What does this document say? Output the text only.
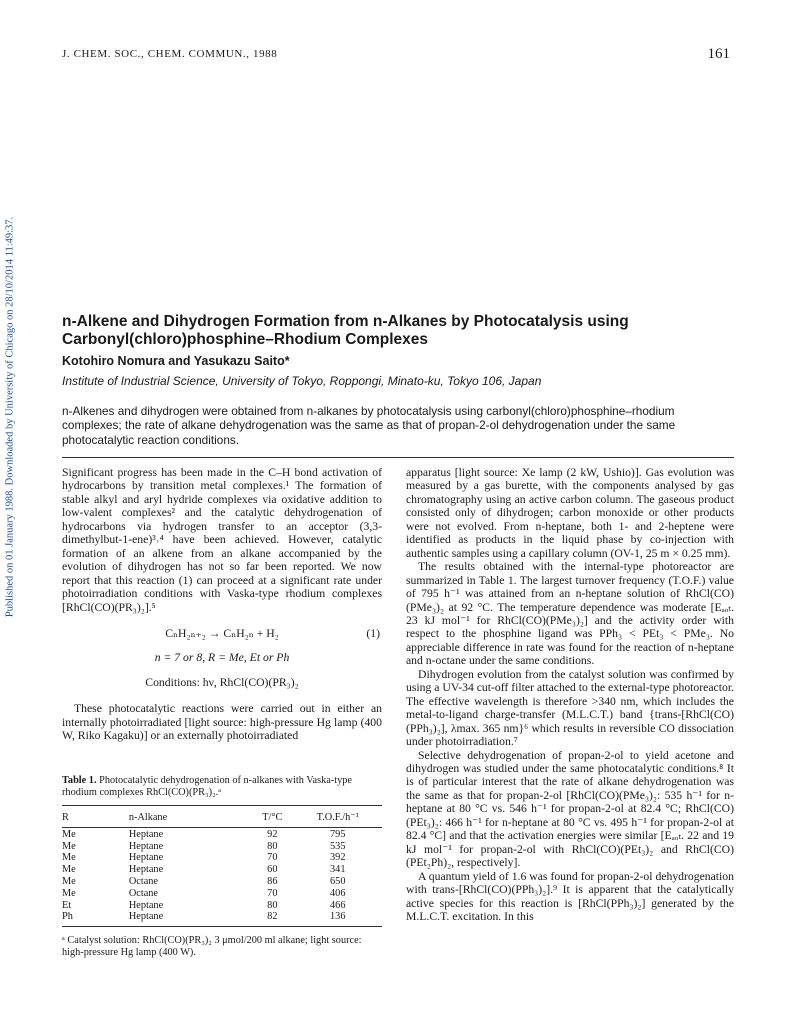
J. CHEM. SOC., CHEM. COMMUN., 1988	161
Published on 01 January 1988. Downloaded by University of Chicago on 28/10/2014 11:49:37.	n-Alkene and Dihydrogen Formation from n-Alkanes by Photocatalysis using Carbonyl(chloro)phosphine–Rhodium Complexes
Kotohiro Nomura and Yasukazu Saito*
Institute of Industrial Science, University of Tokyo, Roppongi, Minato-ku, Tokyo 106, Japan
n-Alkenes and dihydrogen were obtained from n-alkanes by photocatalysis using carbonyl(chloro)phosphine–rhodium complexes; the rate of alkane dehydrogenation was the same as that of propan-2-ol dehydrogenation under the same photocatalytic reaction conditions.

Significant progress has been made in the C–H bond activation of hydrocarbons by transition metal complexes.¹ The formation of stable alkyl and aryl hydride complexes via oxidative addition to low-valent complexes² and the catalytic dehydrogenation of hydrocarbons via hydrogen transfer to an acceptor (3,3-dimethylbut-1-ene)³˒⁴ have been achieved. However, catalytic formation of an alkene from an alkane accompanied by the evolution of dihydrogen has not so far been reported. We now report that this reaction (1) can proceed at a significant rate under photoirradiation conditions with Vaska-type rhodium complexes [RhCl(CO)(PR₃)₂].⁵

CₙH₂ₙ₊₂ → CₙH₂ₙ + H₂	(1)
n = 7 or 8, R = Me, Et or Ph
Conditions: hν, RhCl(CO)(PR₃)₂

These photocatalytic reactions were carried out in either an internally photoirradiated [light source: high-pressure Hg lamp (400 W, Riko Kagaku)] or an externally photoirradiated

Table 1. Photocatalytic dehydrogenation of n-alkanes with Vaska-type rhodium complexes RhCl(CO)(PR₃)₂.ᵃ
R	n-Alkane	T/°C	T.O.F./h⁻¹

Me	Heptane	92	795
Me	Heptane	80	535
Me	Heptane	70	392
Me	Heptane	60	341
Me	Octane	86	650
Me	Octane	70	406
Et	Heptane	80	466
Ph	Heptane	82	136
ᵃ Catalyst solution: RhCl(CO)(PR₃)₂ 3 μmol/200 ml alkane; light source: high-pressure Hg lamp (400 W).

apparatus [light source: Xe lamp (2 kW, Ushio)]. Gas evolution was measured by a gas burette, with the components analysed by gas chromatography using an active carbon column. The gaseous product consisted only of dihydrogen; carbon monoxide or other products were not evolved. From n-heptane, both 1- and 2-heptene were identified as products in the liquid phase by co-injection with authentic samples using a capillary column (OV-1, 25 m × 0.25 mm).

The results obtained with the internal-type photoreactor are summarized in Table 1. The largest turnover frequency (T.O.F.) value of 795 h⁻¹ was attained from an n-heptane solution of RhCl(CO)(PMe₃)₂ at 92 °C. The temperature dependence was moderate [Eₐₒₜ. 23 kJ mol⁻¹ for RhCl(CO)(PMe₃)₂] and the activity order with respect to the phosphine ligand was PPh₃ < PEt₃ < PMe₃. No appreciable difference in rate was found for the reaction of n-heptane and n-octane under the same conditions.

Dihydrogen evolution from the catalyst solution was confirmed by using a UV-34 cut-off filter attached to the external-type photoreactor. The effective wavelength is therefore >340 nm, which includes the metal-to-ligand charge-transfer (M.L.C.T.) band {trans-[RhCl(CO)(PPh₃)₂], λmax. 365 nm}⁶ which results in reversible CO dissociation under photoirradiation.⁷

Selective dehydrogenation of propan-2-ol to yield acetone and dihydrogen was studied under the same photocatalytic conditions.⁸ It is of particular interest that the rate of alkane dehydrogenation was the same as that for propan-2-ol [RhCl(CO)(PMe₃)₂: 535 h⁻¹ for n-heptane at 80 °C vs. 546 h⁻¹ for propan-2-ol at 82.4 °C; RhCl(CO)(PEt₃)₂: 466 h⁻¹ for n-heptane at 80 °C vs. 495 h⁻¹ for propan-2-ol at 82.4 °C] and that the activation energies were similar [Eₐₒₜ. 22 and 19 kJ mol⁻¹ for propan-2-ol with RhCl(CO)(PEt₃)₂ and RhCl(CO)(PEt₂Ph)₂, respectively].

A quantum yield of 1.6 was found for propan-2-ol dehydrogenation with trans-[RhCl(CO)(PPh₃)₂].⁹ It is apparent that the catalytically active species for this reaction is [RhCl(PPh₃)₂] generated by the M.L.C.T. excitation. In this
